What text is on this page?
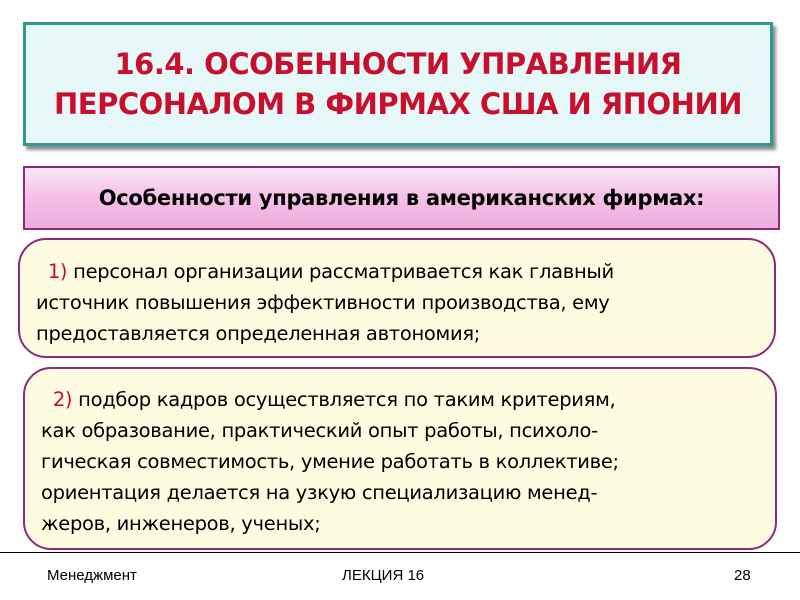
16.4. ОСОБЕННОСТИ УПРАВЛЕНИЯ
ПЕРСОНАЛОМ В ФИРМАХ США И ЯПОНИИ
Особенности управления в американских фирмах:
1) персонал организации рассматривается как главный
источник повышения эффективности производства, ему
предоставляется определенная автономия;
2) подбор кадров осуществляется по таким критериям,
как образование, практический опыт работы, психоло-
гическая совместимость, умение работать в коллективе;
ориентация делается на узкую специализацию менед-
жеров, инженеров, ученых;
Менеджмент	ЛЕКЦИЯ 16	28
